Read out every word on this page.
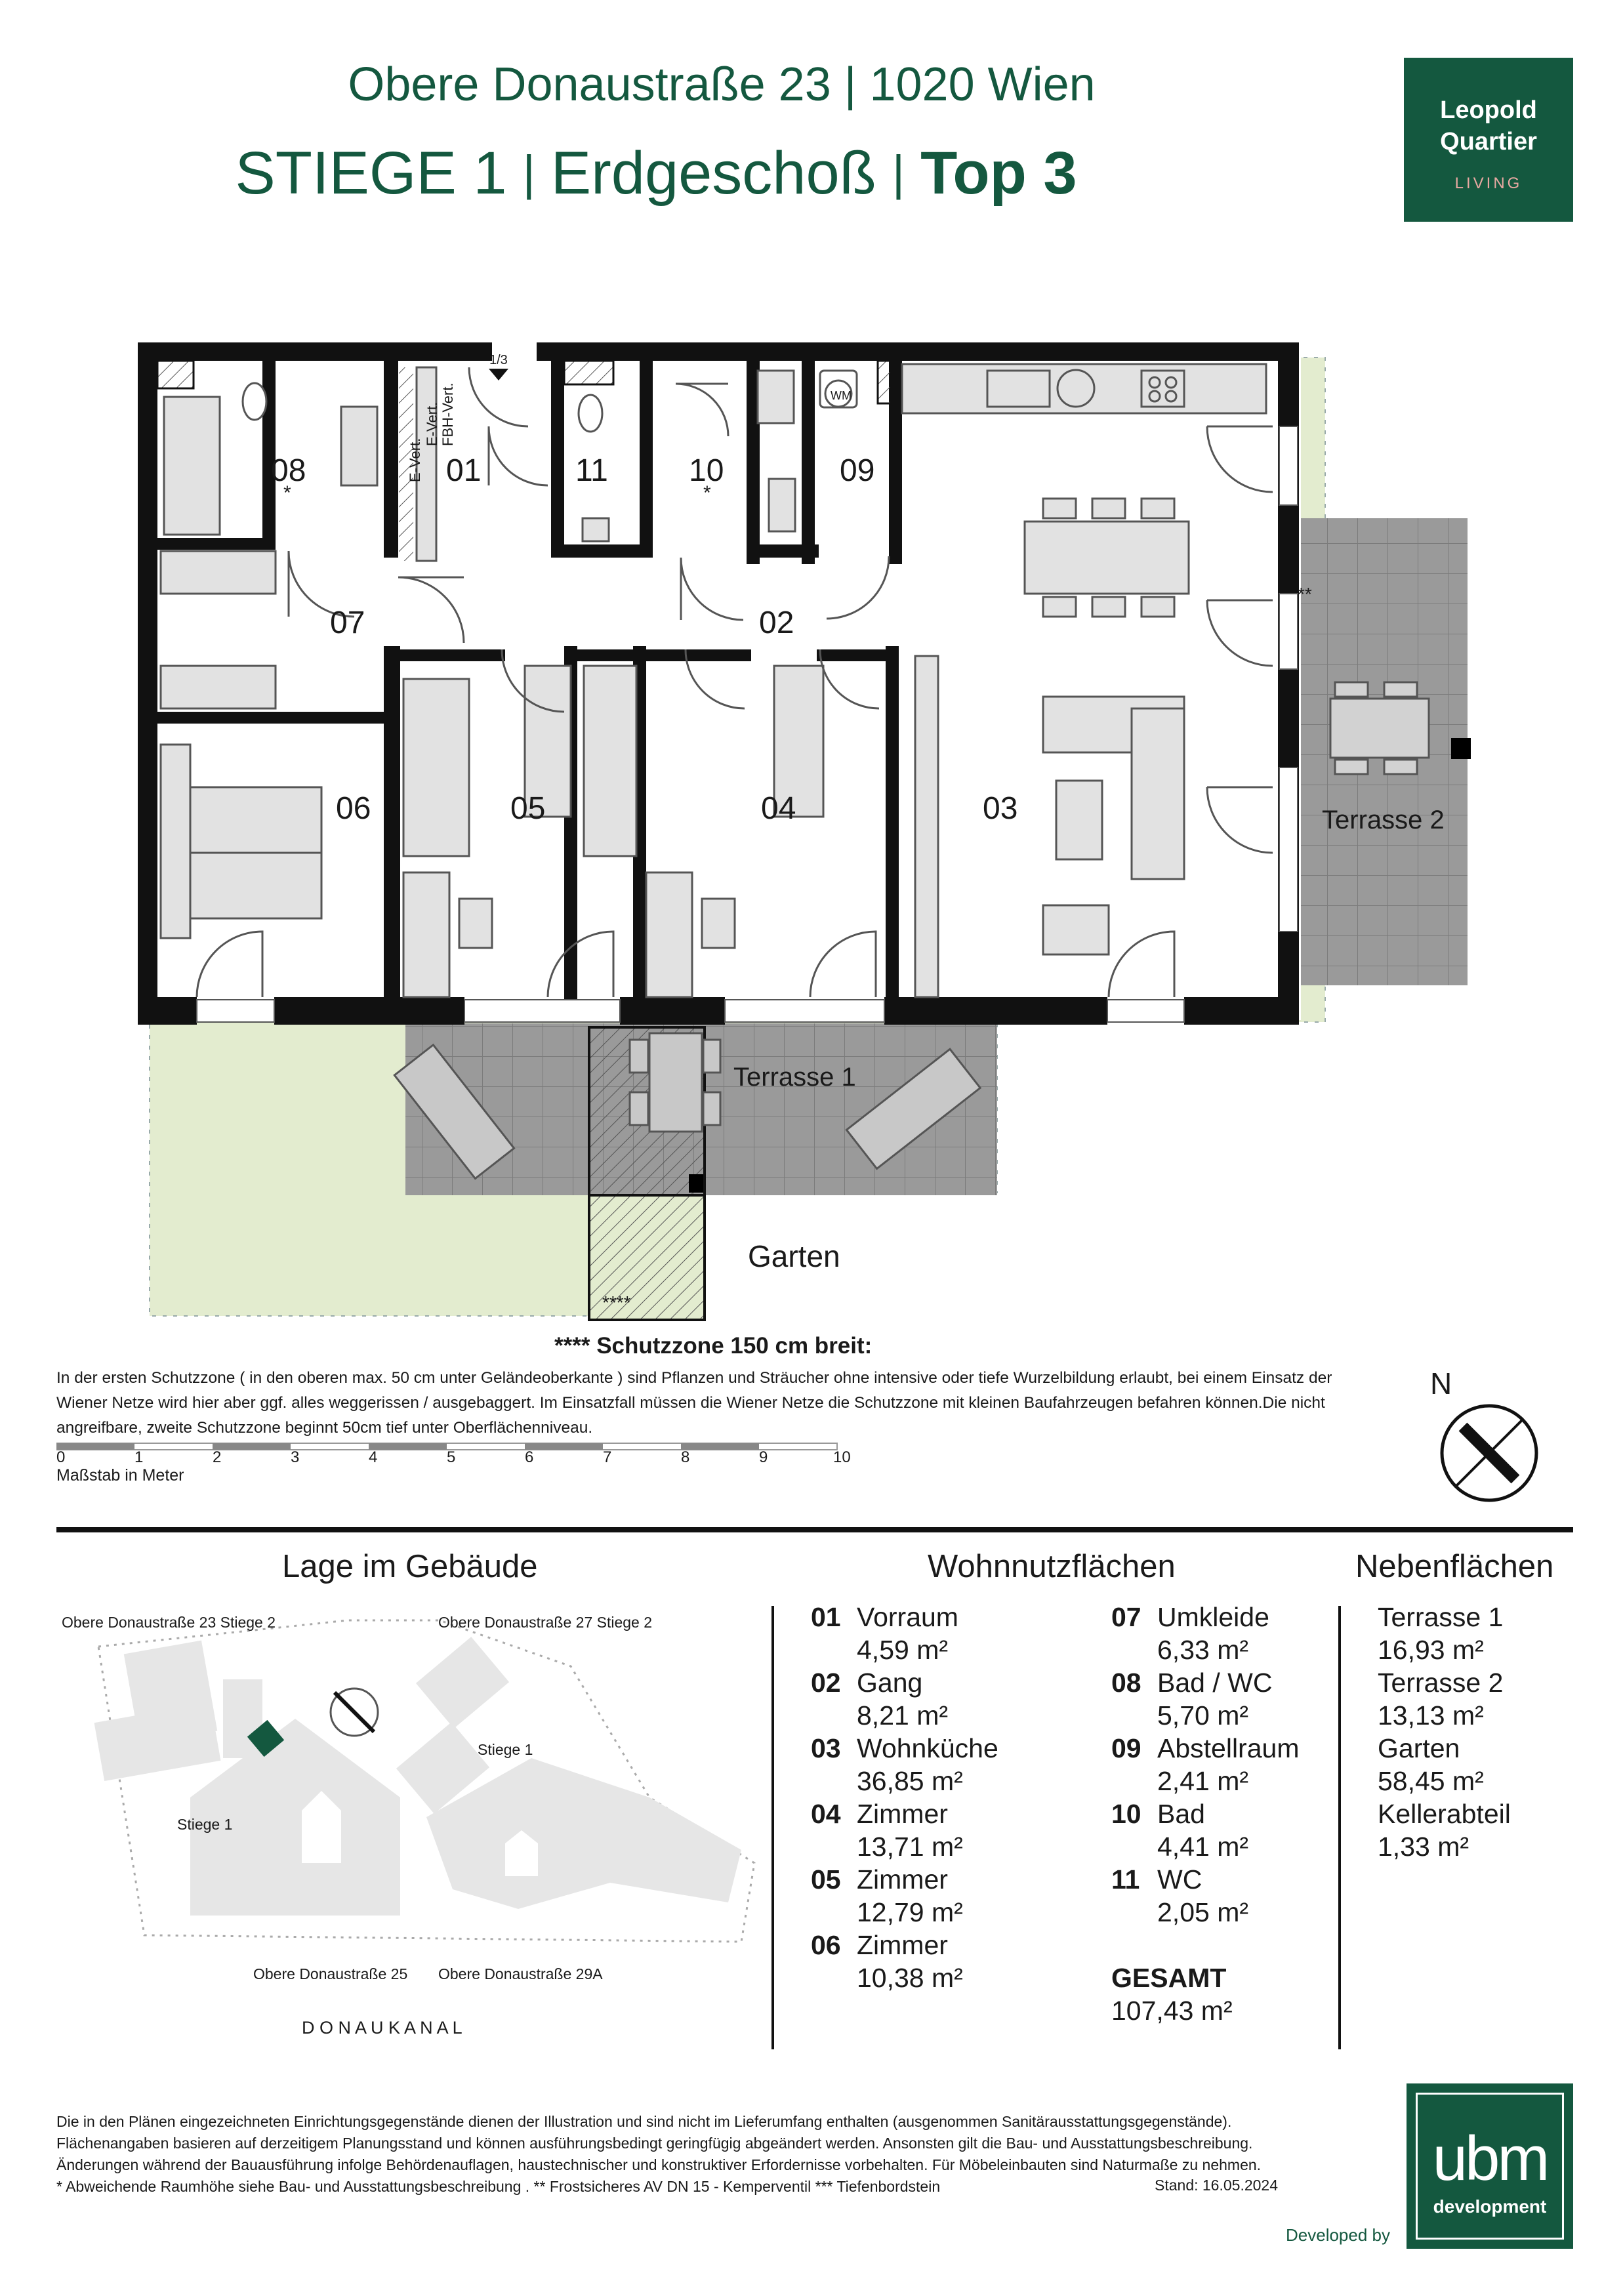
Obere Donaustraße 23 | 1020 Wien
STIEGE 1 | Erdgeschoß | Top 3
Leopold
Quartier
LIVING
08
*
01	11	10
*
09
07	02
06	05	04	03	Terrasse 2
Terrasse 1
Garten
****
**
1/3
WM
E-Vert.
E-Vert. FBH-Vert.
**** Schutzzone 150 cm breit:
In der ersten Schutzzone ( in den oberen max. 50 cm unter Geländeoberkante ) sind Pflanzen und Sträucher ohne intensive oder tiefe Wurzelbildung erlaubt, bei einem Einsatz der Wiener Netze wird hier aber ggf. alles weggerissen / ausgebaggert. Im Einsatzfall müssen die Wiener Netze die Schutzzone mit kleinen Baufahrzeugen befahren können.Die nicht angreifbare, zweite Schutzzone beginnt 50cm tief unter Oberflächenniveau.
0	1	2	3	4	5	6	7	8	9	10
Maßstab in Meter
N
Lage im Gebäude
Obere Donaustraße 23 Stiege 2	Obere Donaustraße 27 Stiege 2
Stiege 1
Stiege 1
Obere Donaustraße 25 Obere Donaustraße 29A
D O N A U K A N A L
Wohnnutzflächen
01 Vorraum
4,59 m²
02 Gang
8,21 m²
03 Wohnküche
36,85 m²
04 Zimmer
13,71 m²
05 Zimmer
12,79 m²
06 Zimmer
10,38 m²
07 Umkleide
6,33 m²
08 Bad / WC
5,70 m²
09 Abstellraum
2,41 m²
10 Bad
4,41 m²
11 WC
2,05 m²
GESAMT
107,43 m²
Nebenflächen
Terrasse 1
16,93 m²
Terrasse 2
13,13 m²
Garten
58,45 m²
Kellerabteil
1,33 m²
Die in den Plänen eingezeichneten Einrichtungsgegenstände dienen der Illustration und sind nicht im Lieferumfang enthalten (ausgenommen Sanitärausstattungsgegenstände).
Flächenangaben basieren auf derzeitigem Planungsstand und können ausführungsbedingt geringfügig abgeändert werden. Ansonsten gilt die Bau- und Ausstattungsbeschreibung.
Änderungen während der Bauausführung infolge Behördenauflagen, haustechnischer und konstruktiver Erfordernisse vorbehalten. Für Möbeleinbauten sind Naturmaße zu nehmen.
* Abweichende Raumhöhe siehe Bau- und Ausstattungsbeschreibung . ** Frostsicheres AV DN 15 - Kemperventil *** Tiefenbordstein	Stand: 16.05.2024
Developed by
ubm
development
